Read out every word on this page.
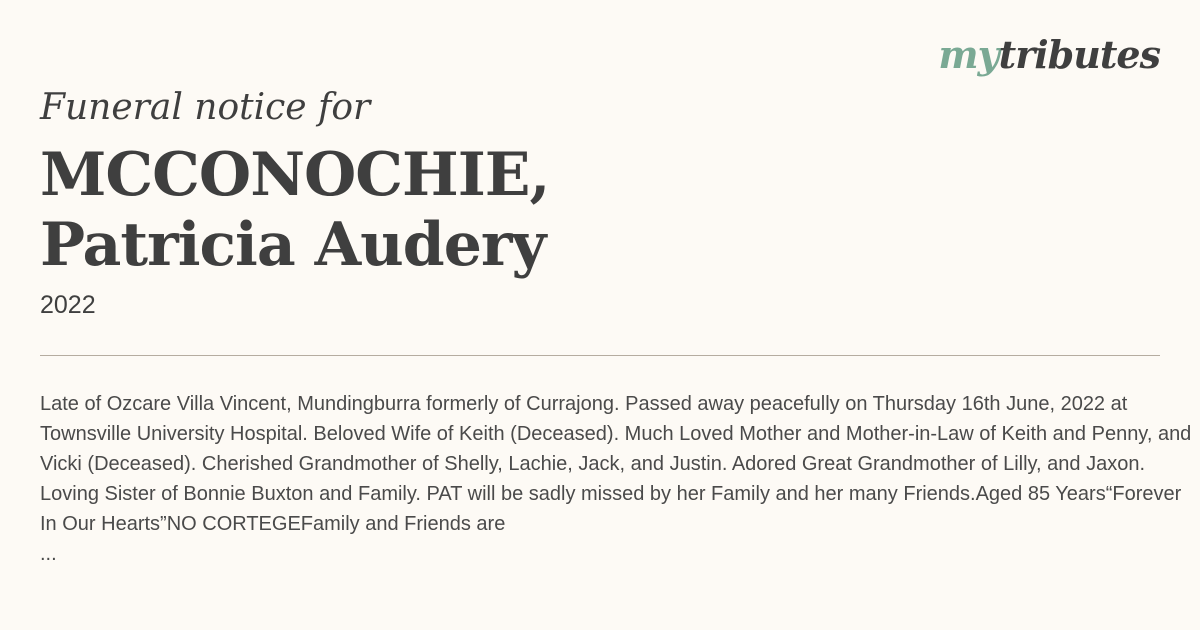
mytributes
Funeral notice for
MCCONOCHIE,
Patricia Audery
2022
Late of Ozcare Villa Vincent, Mundingburra formerly of Currajong. Passed away peacefully on Thursday 16th June, 2022 at Townsville University Hospital. Beloved Wife of Keith (Deceased). Much Loved Mother and Mother-in-Law of Keith and Penny, and Vicki (Deceased). Cherished Grandmother of Shelly, Lachie, Jack, and Justin. Adored Great Grandmother of Lilly, and Jaxon. Loving Sister of Bonnie Buxton and Family. PAT will be sadly missed by her Family and her many Friends.Aged 85 Years“Forever In Our Hearts”NO CORTEGEFamily and Friends are
...
